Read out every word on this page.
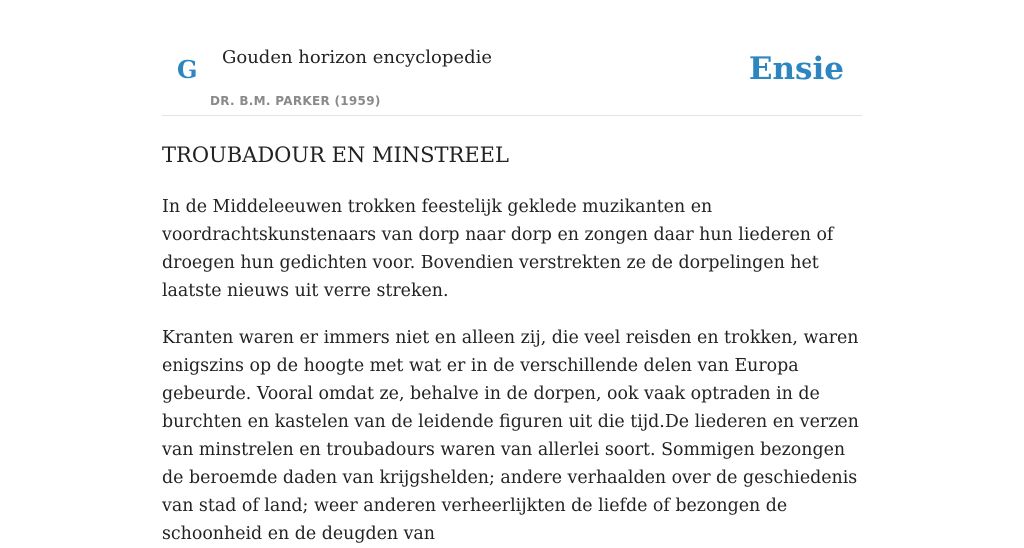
G Gouden horizon encyclopedie
DR. B.M. PARKER (1959)
Ensie
TROUBADOUR EN MINSTREEL

In de Middeleeuwen trokken feestelijk geklede muzikanten en voordrachtskunstenaars van dorp naar dorp en zongen daar hun liederen of droegen hun gedichten voor. Bovendien verstrekten ze de dorpelingen het laatste nieuws uit verre streken.

Kranten waren er immers niet en alleen zij, die veel reisden en trokken, waren enigszins op de hoogte met wat er in de verschillende delen van Europa gebeurde. Vooral omdat ze, behalve in de dorpen, ook vaak optraden in de burchten en kastelen van de leidende figuren uit die tijd.De liederen en verzen van minstrelen en troubadours waren van allerlei soort. Sommigen bezongen de beroemde daden van krijgshelden; andere verhaalden over de geschiedenis van stad of land; weer anderen verheerlijkten de liefde of bezongen de schoonheid en de deugden van
